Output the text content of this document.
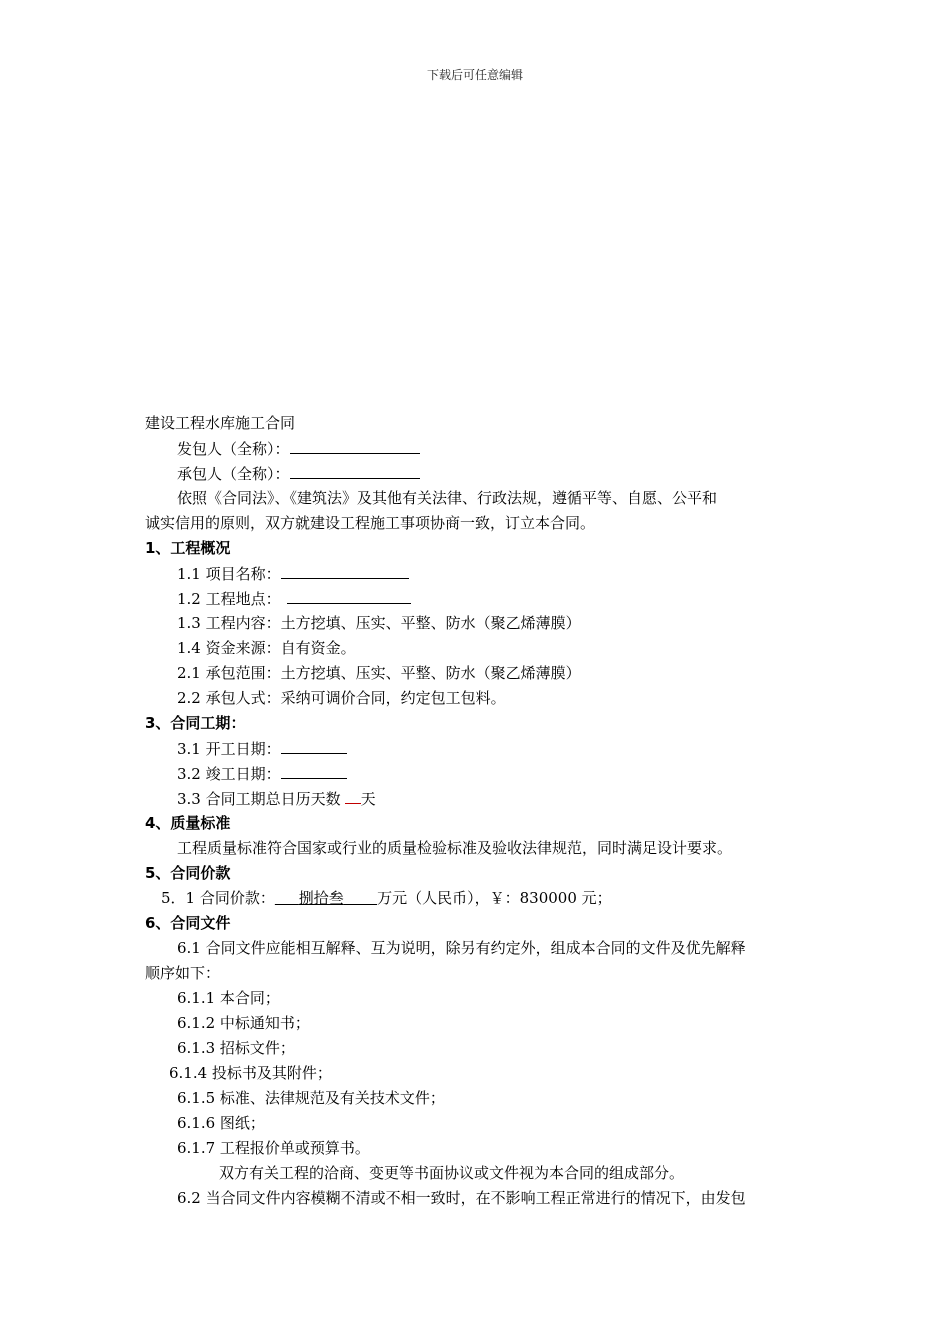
下载后可任意编辑
建设工程水库施工合同
发包人（全称）：
承包人（全称）：
依照《合同法》、《建筑法》及其他有关法律、行政法规，遵循平等、自愿、公平和
诚实信用的原则，双方就建设工程施工事项协商一致，订立本合同。
1、工程概况
1.1 项目名称：
1.2 工程地点：
1.3 工程内容：土方挖填、压实、平整、防水（聚乙烯薄膜）
1.4 资金来源：自有资金。
2.1 承包范围：土方挖填、压实、平整、防水（聚乙烯薄膜）
2.2 承包人式：采纳可调价合同，约定包工包料。
3、合同工期：
3.1 开工日期：
3.2 竣工日期：
3.3 合同工期总日历天数 天
4、质量标准
工程质量标准符合国家或行业的质量检验标准及验收法律规范，同时满足设计要求。
5、合同价款
5．1 合同价款： 捌拾叁 万元（人民币），￥：830000 元；
6、合同文件
6.1 合同文件应能相互解释、互为说明，除另有约定外，组成本合同的文件及优先解释
顺序如下：
6.1.1 本合同；
6.1.2 中标通知书；
6.1.3 招标文件；
6.1.4 投标书及其附件；
6.1.5 标准、法律规范及有关技术文件；
6.1.6 图纸；
6.1.7 工程报价单或预算书。
双方有关工程的洽商、变更等书面协议或文件视为本合同的组成部分。
6.2 当合同文件内容模糊不清或不相一致时，在不影响工程正常进行的情况下，由发包
